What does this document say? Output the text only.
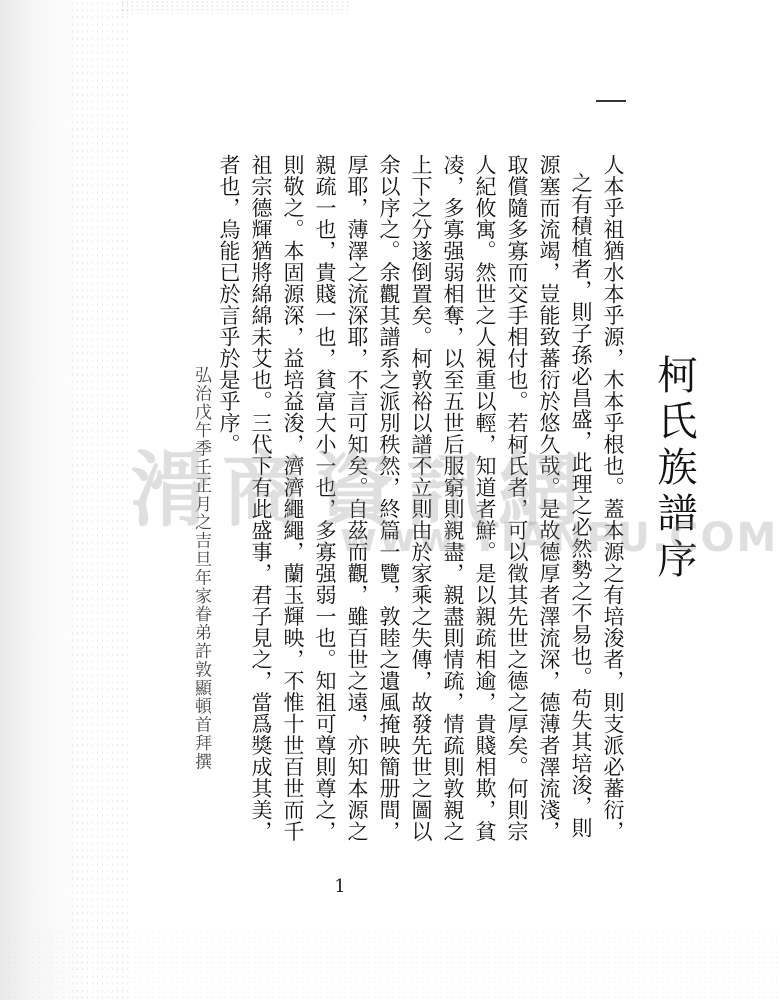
柯氏族譜序
人本乎祖猶水本乎源，木本乎根也。蓋本源之有培浚者，則支派必蕃衍，
之有積植者，則子孫必昌盛，此理之必然勢之不易也。苟失其培浚，則
源塞而流竭，豈能致蕃衍於悠久哉。是故德厚者澤流深，德薄者澤流淺，
取償隨多寡而交手相付也。若柯氏者，可以徵其先世之德之厚矣。何則宗
人紀攸寓。然世之人視重以輕，知道者鮮。是以親疏相逾，貴賤相欺，貧
凌，多寡强弱相奪，以至五世后服窮則親盡，親盡則情疏，情疏則敦親之
上下之分遂倒置矣。柯敦裕以譜不立則由於家乘之失傳，故發先世之圖以
余以序之。余觀其譜系之派別秩然，終篇一覽，敦睦之遺風掩映簡册間，
厚耶，薄澤之流深耶，不言可知矣。自茲而觀，雖百世之遠，亦知本源之
親疏一也，貴賤一也，貧富大小一也，多寡强弱一也。知祖可尊則尊之，
則敬之。本固源深，益培益浚，濟濟繩繩，蘭玉輝映，不惟十世百世而千
祖宗德輝猶將綿綿未艾也。三代下有此盛事，君子見之，當爲獎成其美，
者也，烏能已於言乎於是乎序。
弘治戊午季壬正月之吉旦年家眷弟許敦顯頓首拜撰
滑商資訊網
www.TIANPU.COM
1
